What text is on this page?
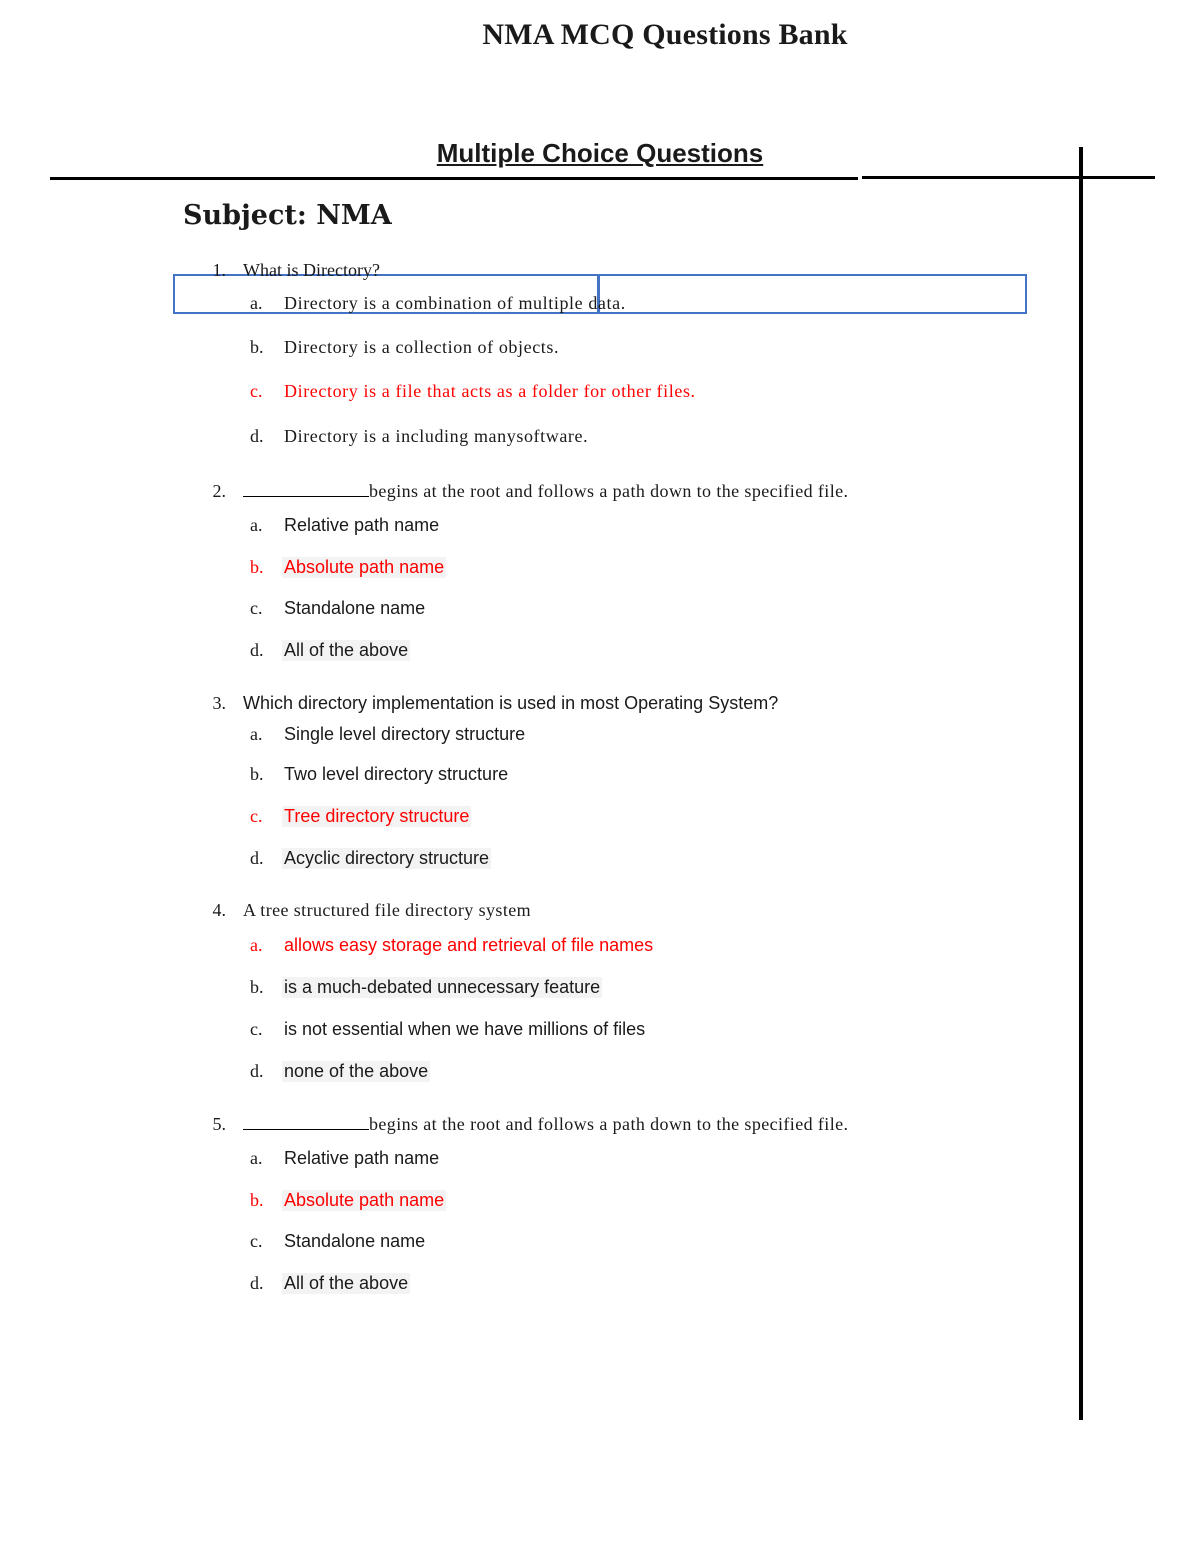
NMA MCQ Questions Bank
Multiple Choice Questions
Subject: NMA
1. What is Directory?
a. Directory is a combination of multiple data.
b. Directory is a collection of objects.
c. Directory is a file that acts as a folder for other files.
d. Directory is a including manysoftware.
2.	begins at the root and follows a path down to the specified file.
a. Relative path name
b. Absolute path name
c. Standalone name
d. All of the above
3. Which directory implementation is used in most Operating System?
a. Single level directory structure
b. Two level directory structure
c. Tree directory structure
d. Acyclic directory structure
4. A tree structured file directory system
a. allows easy storage and retrieval of file names
b. is a much-debated unnecessary feature
c. is not essential when we have millions of files
d. none of the above
5.	begins at the root and follows a path down to the specified file.
a. Relative path name
b. Absolute path name
c. Standalone name
d. All of the above
